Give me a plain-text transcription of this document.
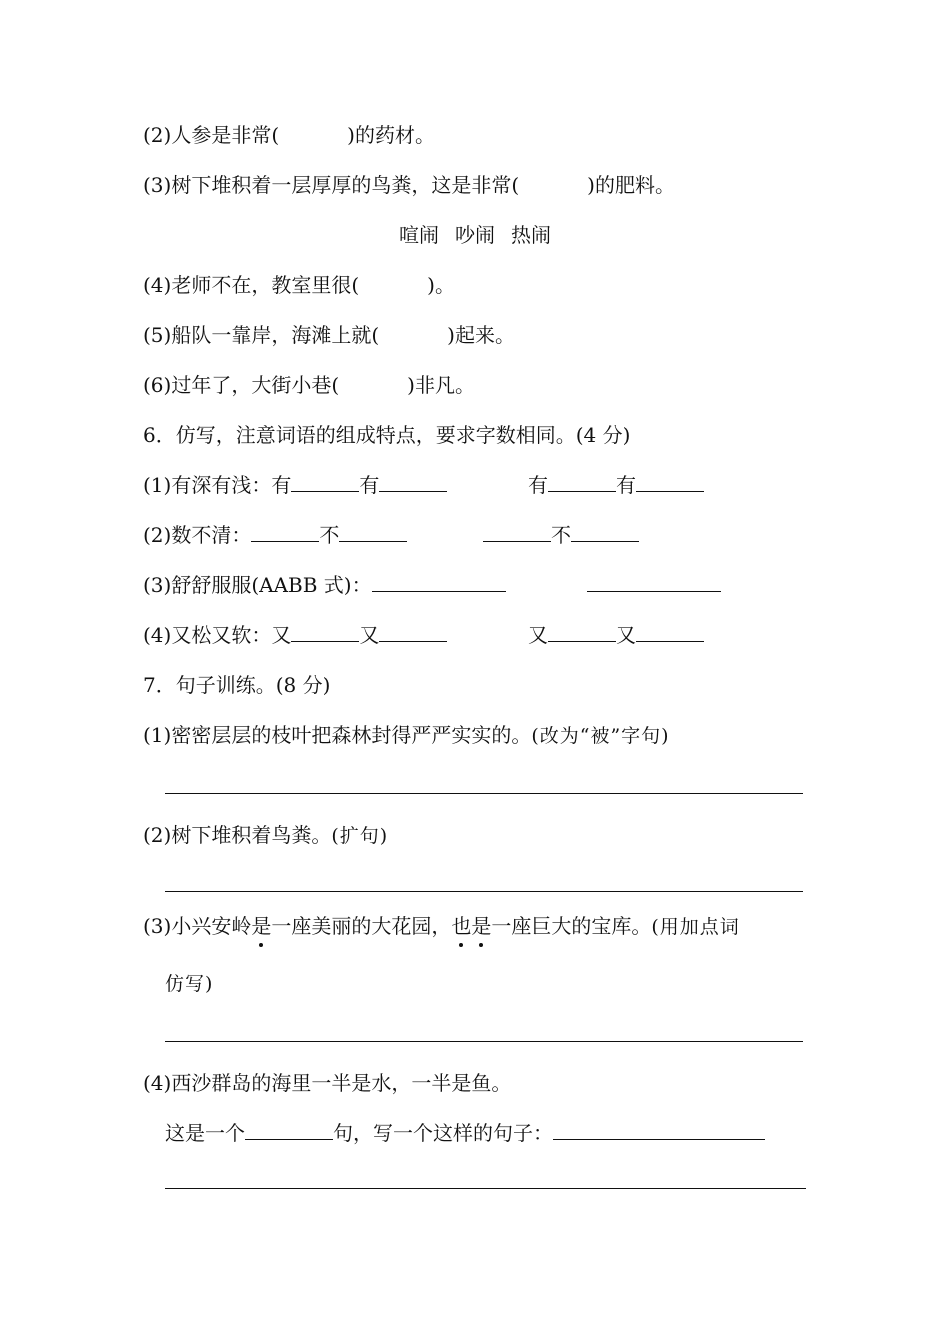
(2)人参是非常(	)的药材。
(3)树下堆积着一层厚厚的鸟粪，这是非常(	)的肥料。
喧闹 吵闹 热闹
(4)老师不在，教室里很(	)。
(5)船队一靠岸，海滩上就(	)起来。
(6)过年了，大街小巷(	)非凡。
6．仿写，注意词语的组成特点，要求字数相同。(4 分)
(1)有深有浅：有	有	有	有
(2)数不清：	不	不
(3)舒舒服服(AABB 式)：
(4)又松又软：又	又	又	又
7．句子训练。(8 分)
(1)密密层层的枝叶把森林封得严严实实的。(改为“被”字句)
(2)树下堆积着鸟粪。(扩句)
(3)小兴安岭是一座美丽的大花园，也是一座巨大的宝库。(用加点词
仿写)
(4)西沙群岛的海里一半是水，一半是鱼。
这是一个	句，写一个这样的句子：
